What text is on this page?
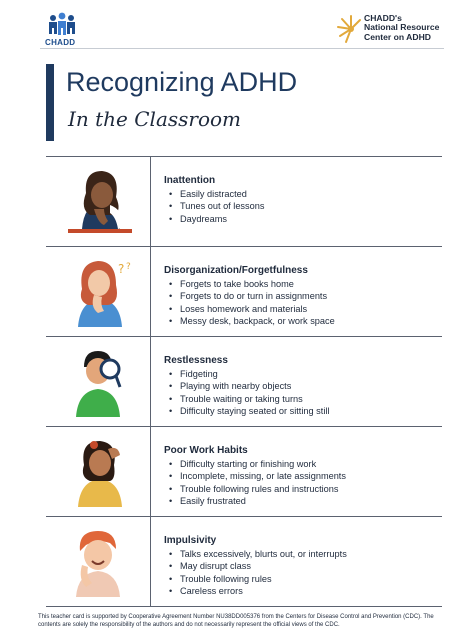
CHADD
CHADD's
National Resource
Center on ADHD
Recognizing ADHD
In the Classroom
Inattention
• Easily distracted
• Tunes out of lessons
• Daydreams
? ?	Disorganization/Forgetfulness
• Forgets to take books home
• Forgets to do or turn in assignments
• Loses homework and materials
• Messy desk, backpack, or work space
Restlessness
• Fidgeting
• Playing with nearby objects
• Trouble waiting or taking turns
• Difficulty staying seated or sitting still
Poor Work Habits
• Difficulty starting or finishing work
• Incomplete, missing, or late assignments
• Trouble following rules and instructions
• Easily frustrated
Impulsivity
• Talks excessively, blurts out, or interrupts
• May disrupt class
• Trouble following rules
• Careless errors
This teacher card is supported by Cooperative Agreement Number NU38DD005376 from the Centers for Disease Control and Prevention (CDC). The contents are solely the responsibility of the authors and do not necessarily represent the official views of the CDC.
